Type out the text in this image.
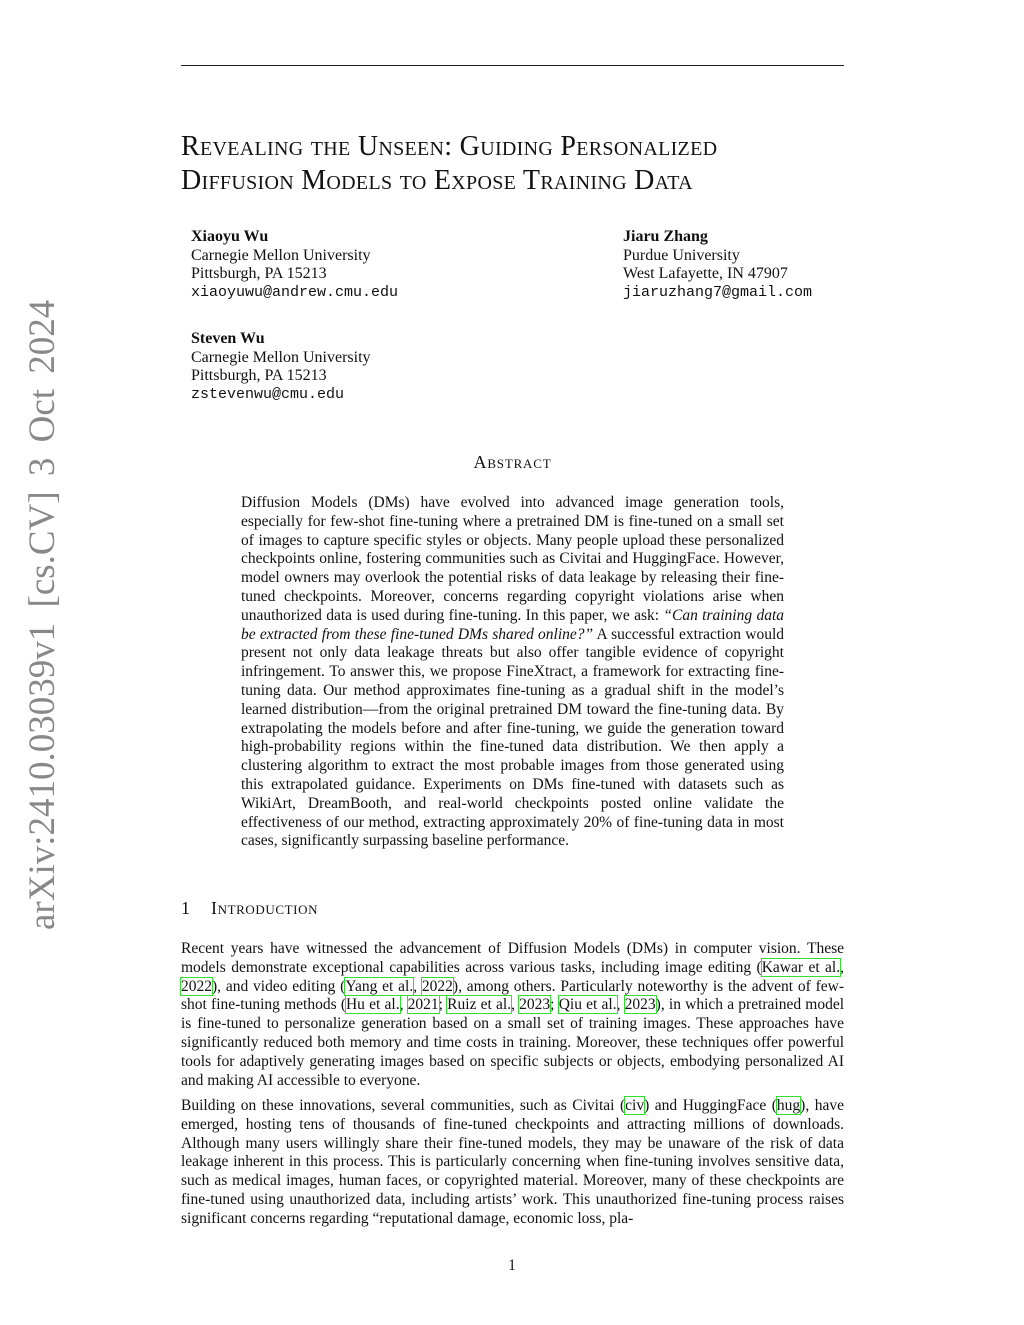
arXiv:2410.03039v1 [cs.CV] 3 Oct 2024
Revealing the Unseen: Guiding Personalized
Diffusion Models to Expose Training Data
Xiaoyu Wu
Carnegie Mellon University
Pittsburgh, PA 15213
xiaoyuwu@andrew.cmu.edu
Jiaru Zhang
Purdue University
West Lafayette, IN 47907
jiaruzhang7@gmail.com
Steven Wu
Carnegie Mellon University
Pittsburgh, PA 15213
zstevenwu@cmu.edu
Abstract
Diffusion Models (DMs) have evolved into advanced image generation tools, especially for few-shot fine-tuning where a pretrained DM is fine-tuned on a small set of images to capture specific styles or objects. Many people upload these personalized checkpoints online, fostering communities such as Civitai and HuggingFace. However, model owners may overlook the potential risks of data leakage by releasing their fine-tuned checkpoints. Moreover, concerns regarding copyright violations arise when unauthorized data is used during fine-tuning. In this paper, we ask: “Can training data be extracted from these fine-tuned DMs shared online?” A successful extraction would present not only data leakage threats but also offer tangible evidence of copyright infringement. To answer this, we propose FineXtract, a framework for extracting fine-tuning data. Our method approximates fine-tuning as a gradual shift in the model’s learned distribution—from the original pretrained DM toward the fine-tuning data. By extrapolating the models before and after fine-tuning, we guide the generation toward high-probability regions within the fine-tuned data distribution. We then apply a clustering algorithm to extract the most probable images from those generated using this extrapolated guidance. Experiments on DMs fine-tuned with datasets such as WikiArt, DreamBooth, and real-world checkpoints posted online validate the effectiveness of our method, extracting approximately 20% of fine-tuning data in most cases, significantly surpassing baseline performance.
1 Introduction

Recent years have witnessed the advancement of Diffusion Models (DMs) in computer vision. These models demonstrate exceptional capabilities across various tasks, including image editing (Kawar et al., 2022), and video editing (Yang et al., 2022), among others. Particularly noteworthy is the advent of few-shot fine-tuning methods (Hu et al., 2021; Ruiz et al., 2023; Qiu et al., 2023), in which a pretrained model is fine-tuned to personalize generation based on a small set of training images. These approaches have significantly reduced both memory and time costs in training. Moreover, these techniques offer powerful tools for adaptively generating images based on specific subjects or objects, embodying personalized AI and making AI accessible to everyone.

Building on these innovations, several communities, such as Civitai (civ) and HuggingFace (hug), have emerged, hosting tens of thousands of fine-tuned checkpoints and attracting millions of downloads. Although many users willingly share their fine-tuned models, they may be unaware of the risk of data leakage inherent in this process. This is particularly concerning when fine-tuning involves sensitive data, such as medical images, human faces, or copyrighted material. Moreover, many of these checkpoints are fine-tuned using unauthorized data, including artists’ work. This unauthorized fine-tuning process raises significant concerns regarding “reputational damage, economic loss, pla-

1
